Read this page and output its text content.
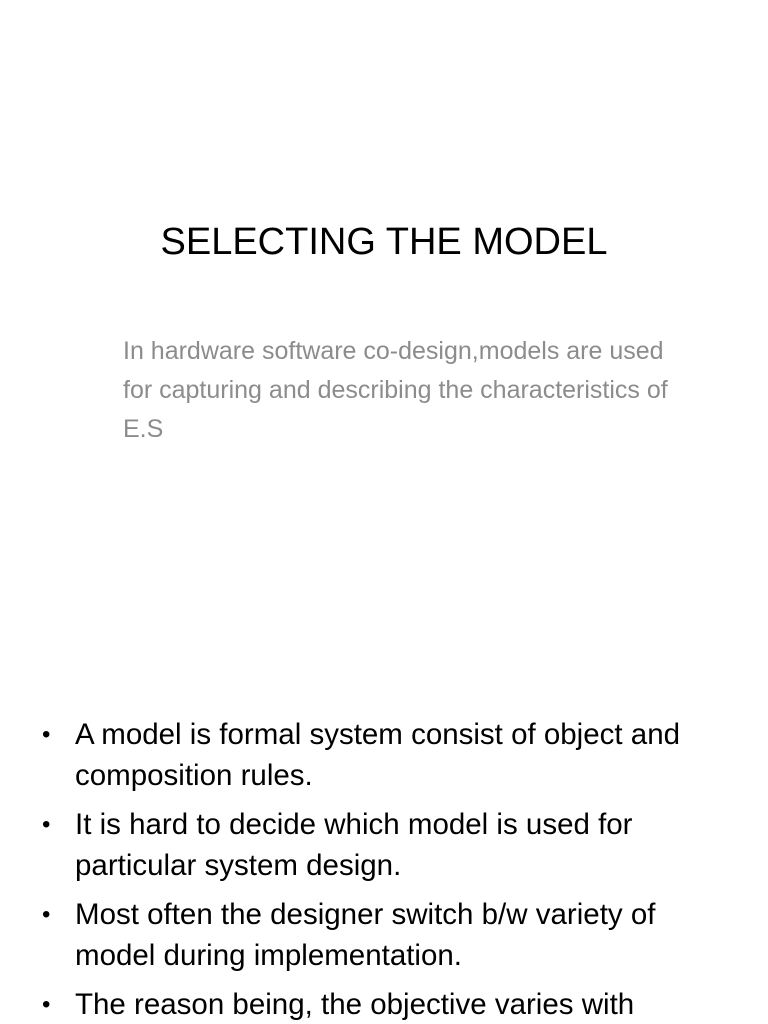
SELECTING THE MODEL

In hardware software co-design,models are used for capturing and describing the characteristics of E.S

• A model is formal system consist of object and composition rules.
• It is hard to decide which model is used for particular system design.
• Most often the designer switch b/w variety of model during implementation.
• The reason being, the objective varies with
